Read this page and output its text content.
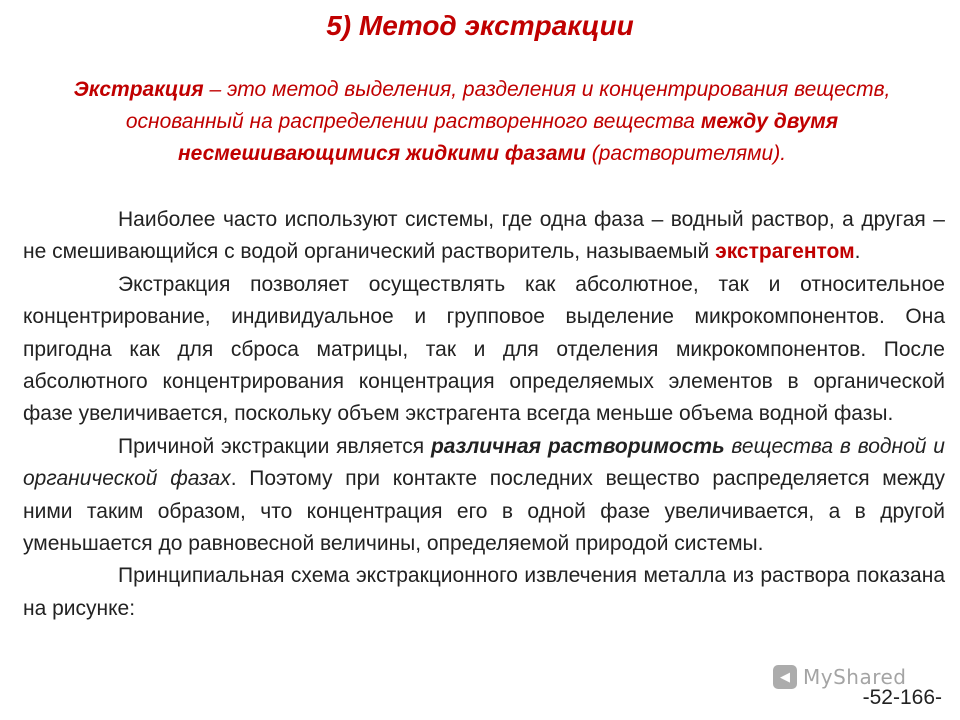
5) Метод экстракции
Экстракция – это метод выделения, разделения и концентрирования веществ, основанный на распределении растворенного вещества между двумя несмешивающимися жидкими фазами (растворителями).

Наиболее часто используют системы, где одна фаза – водный раствор, а другая – не смешивающийся с водой органический растворитель, называемый экстрагентом.

Экстракция позволяет осуществлять как абсолютное, так и относительное концентрирование, индивидуальное и групповое выделение микрокомпонентов. Она пригодна как для сброса матрицы, так и для отделения микрокомпонентов. После абсолютного концентрирования концентрация определяемых элементов в органической фазе увеличивается, поскольку объем экстрагента всегда меньше объема водной фазы.

Причиной экстракции является различная растворимость вещества в водной и органической фазах. Поэтому при контакте последних вещество распределяется между ними таким образом, что концентрация его в одной фазе увеличивается, а в другой уменьшается до равновесной величины, определяемой природой системы.

Принципиальная схема экстракционного извлечения металла из раствора показана на рисунке:

-52-166-
◀ MyShared
